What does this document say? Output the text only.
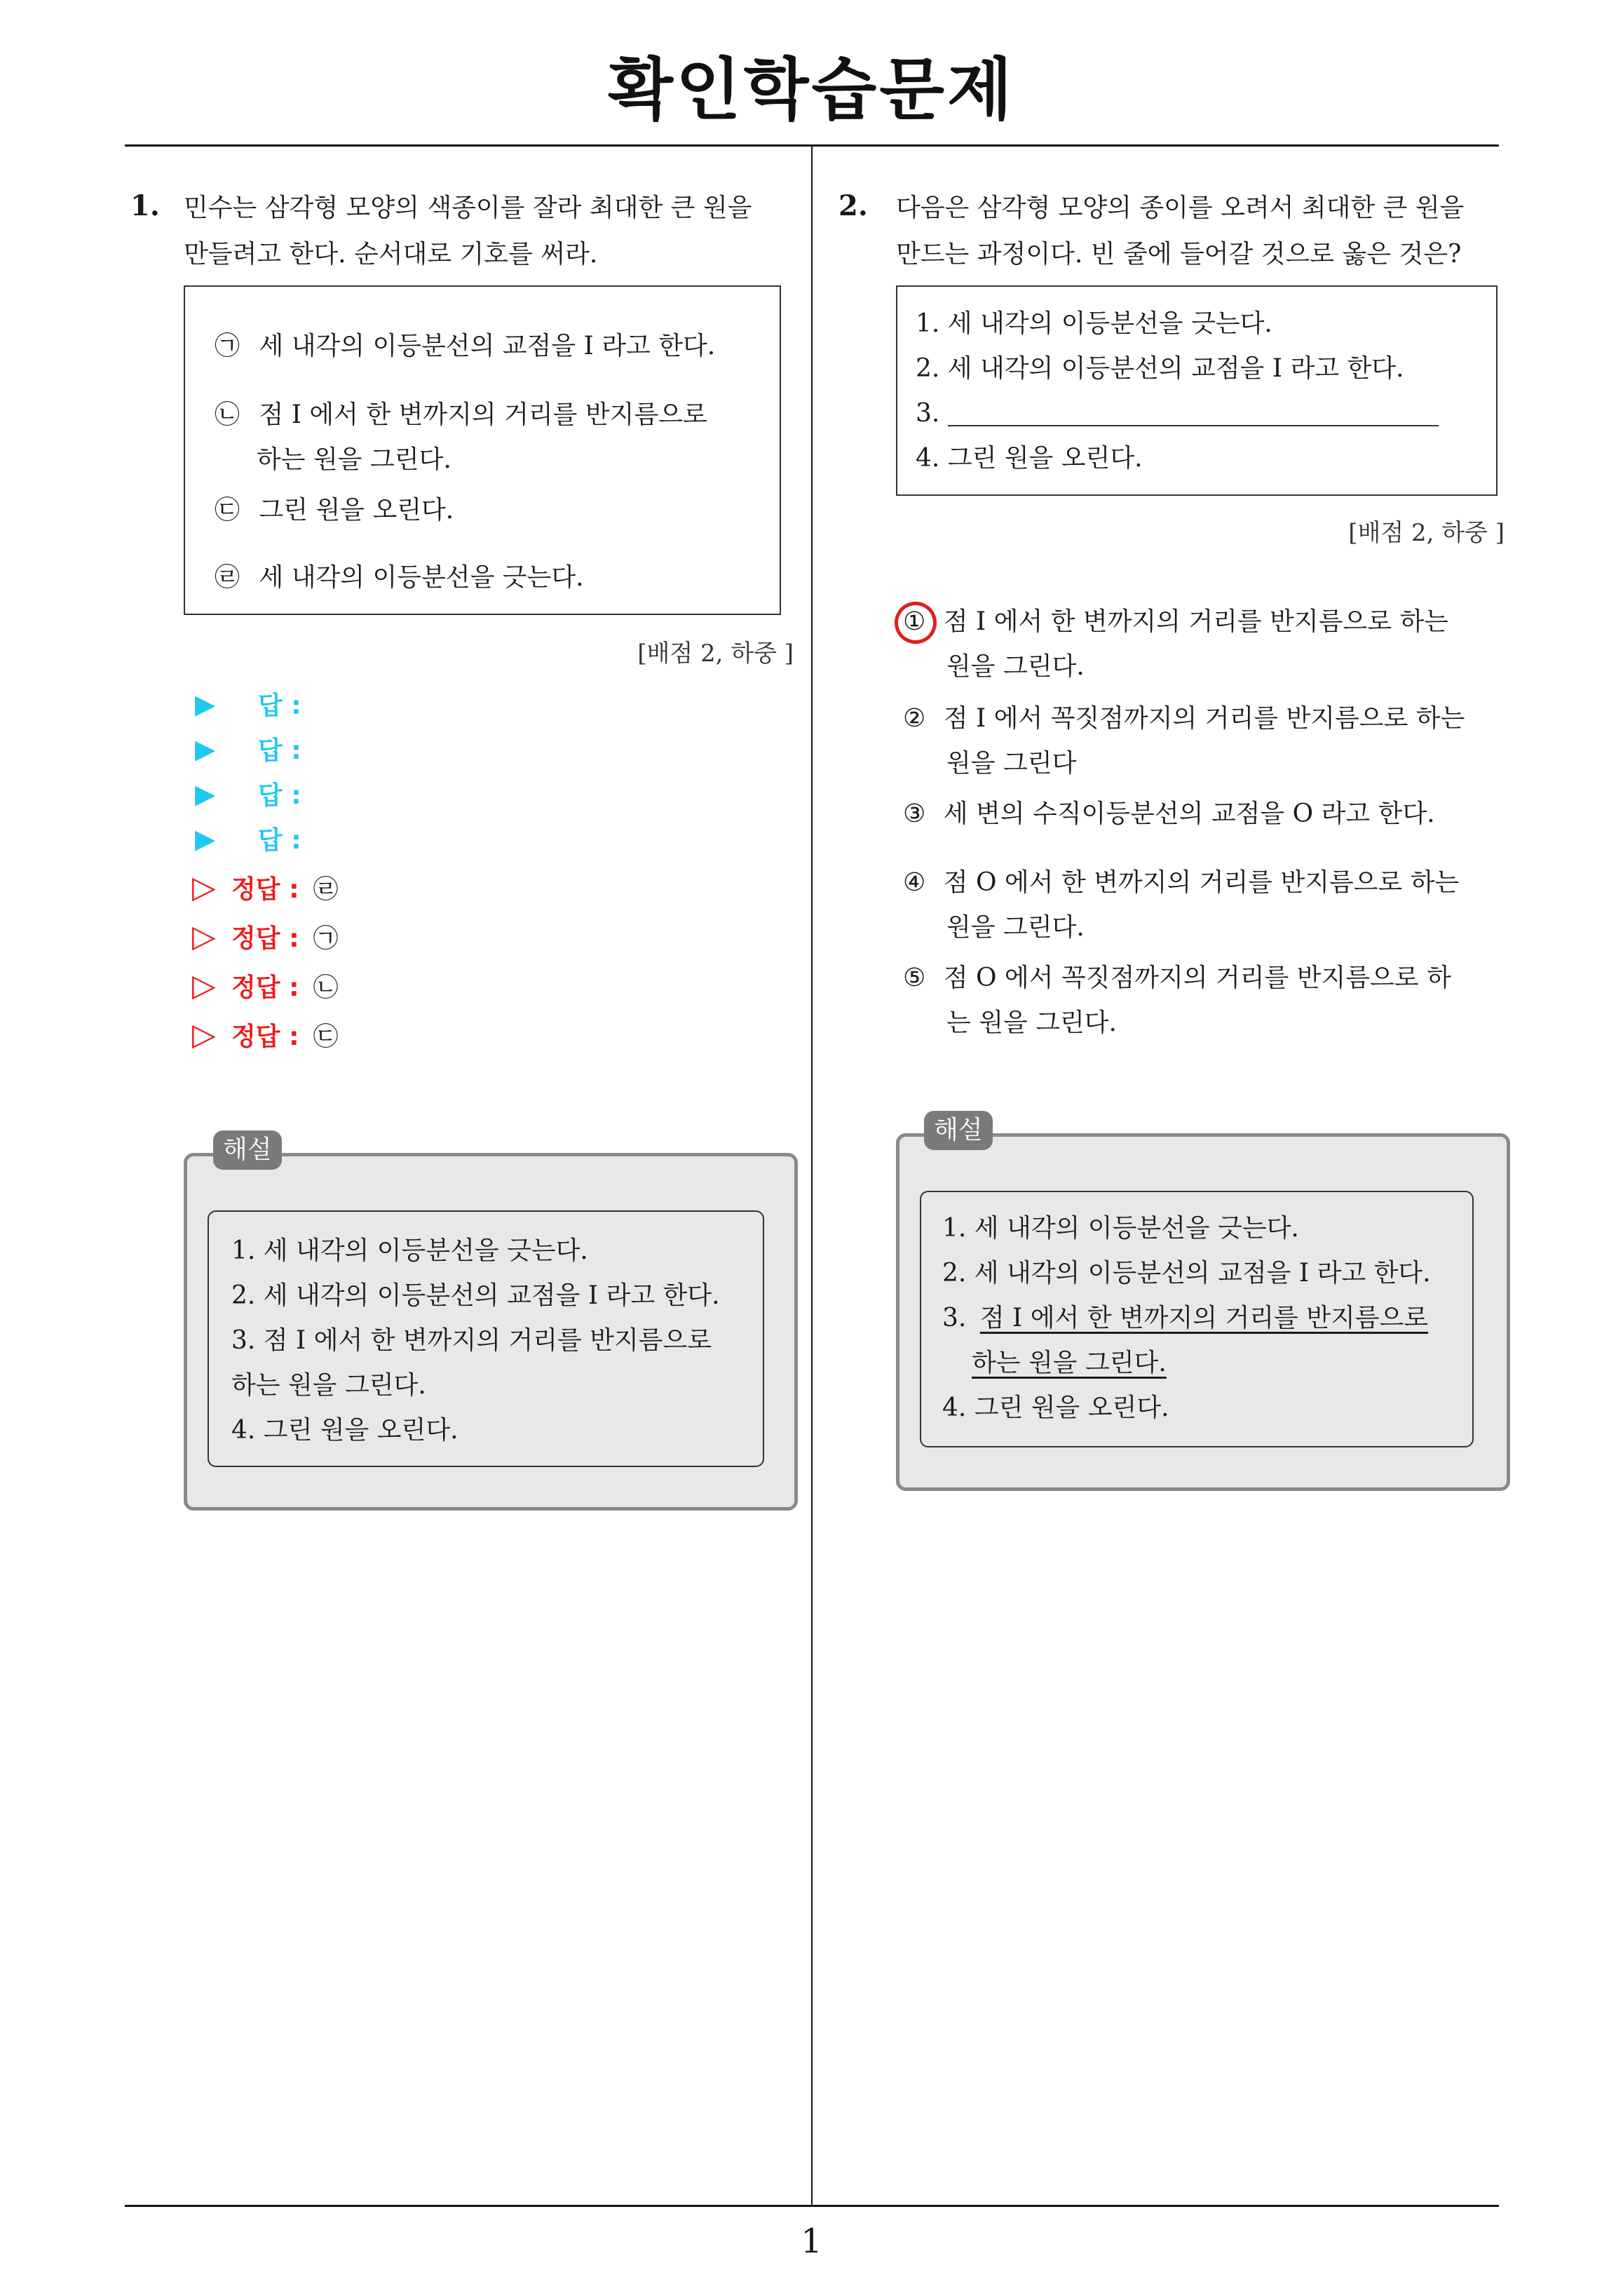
확인학습문제
1. 민수는 삼각형 모양의 색종이를 잘라 최대한 큰 원을
만들려고 한다. 순서대로 기호를 써라.
㉠ 세 내각의 이등분선의 교점을 I 라고 한다.
㉡ 점 I 에서 한 변까지의 거리를 반지름으로
하는 원을 그린다.
㉢ 그린 원을 오린다.
㉣ 세 내각의 이등분선을 긋는다.
[배점 2, 하중 ]
▶	답 :
▶	답 :
▶	답 :
▶	답 :
▷ 정답 : ㉣
▷ 정답 : ㉠
▷ 정답 : ㉡
▷ 정답 : ㉢
해설
1. 세 내각의 이등분선을 긋는다.
2. 세 내각의 이등분선의 교점을 I 라고 한다.
3. 점 I 에서 한 변까지의 거리를 반지름으로
하는 원을 그린다.
4. 그린 원을 오린다.
2. 다음은 삼각형 모양의 종이를 오려서 최대한 큰 원을
만드는 과정이다. 빈 줄에 들어갈 것으로 옳은 것은?
1. 세 내각의 이등분선을 긋는다.
2. 세 내각의 이등분선의 교점을 I 라고 한다.
3.
4. 그린 원을 오린다.
[배점 2, 하중 ]
① 점 I 에서 한 변까지의 거리를 반지름으로 하는
원을 그린다.
② 점 I 에서 꼭짓점까지의 거리를 반지름으로 하는
원을 그린다
③ 세 변의 수직이등분선의 교점을 O 라고 한다.
④ 점 O 에서 한 변까지의 거리를 반지름으로 하는
원을 그린다.
⑤ 점 O 에서 꼭짓점까지의 거리를 반지름으로 하
는 원을 그린다.
해설
1. 세 내각의 이등분선을 긋는다.
2. 세 내각의 이등분선의 교점을 I 라고 한다.
3. 점 I 에서 한 변까지의 거리를 반지름으로
하는 원을 그린다.
4. 그린 원을 오린다.
1
